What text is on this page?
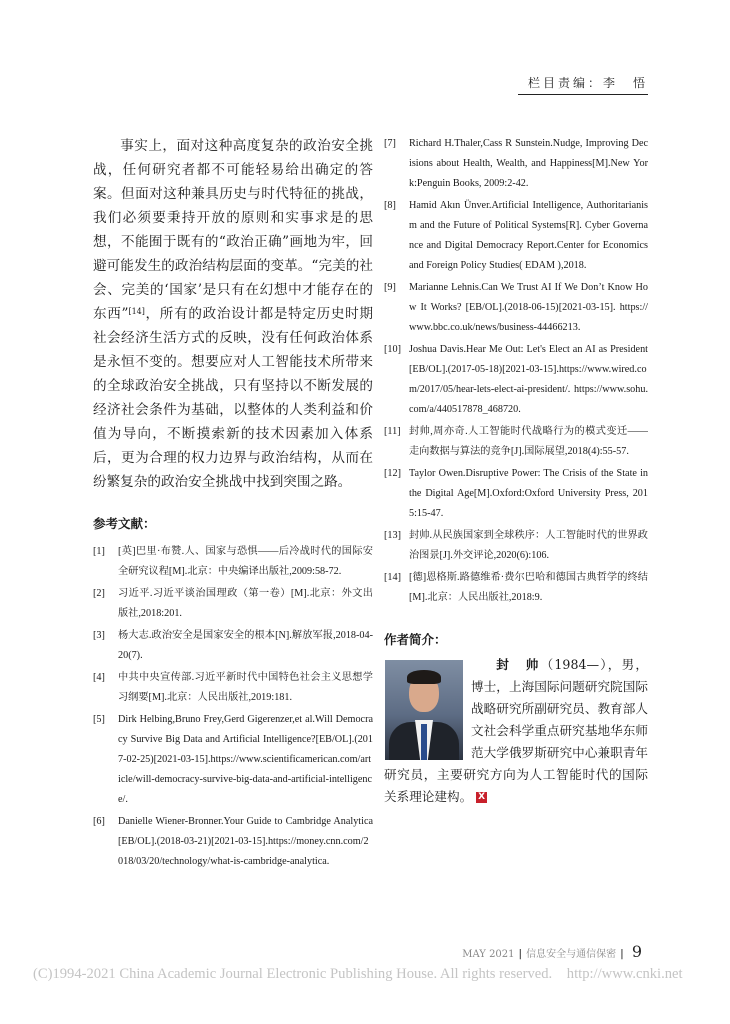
栏目责编：李　悟

事实上，面对这种高度复杂的政治安全挑战，任何研究者都不可能轻易给出确定的答案。但面对这种兼具历史与时代特征的挑战，我们必须要秉持开放的原则和实事求是的思想，不能囿于既有的“政治正确”画地为牢，回避可能发生的政治结构层面的变革。“完美的社会、完美的‘国家’是只有在幻想中才能存在的东西”[14]，所有的政治设计都是特定历史时期社会经济生活方式的反映，没有任何政治体系是永恒不变的。想要应对人工智能技术所带来的全球政治安全挑战，只有坚持以不断发展的经济社会条件为基础，以整体的人类利益和价值为导向，不断摸索新的技术因素加入体系后，更为合理的权力边界与政治结构，从而在纷繁复杂的政治安全挑战中找到突围之路。

参考文献：
[1]	[英]巴里·布赞.人、国家与恐惧——后冷战时代的国际安全研究议程[M].北京：中央编译出版社,2009:58-72.
[2]	习近平.习近平谈治国理政（第一卷）[M].北京：外文出版社,2018:201.
[3]	杨大志.政治安全是国家安全的根本[N].解放军报,2018-04-20(7).
[4]	中共中央宣传部.习近平新时代中国特色社会主义思想学习纲要[M].北京：人民出版社,2019:181.
[5]	Dirk Helbing,Bruno Frey,Gerd Gigerenzer,et al.Will Democracy Survive Big Data and Artificial Intelligence?[EB/OL].(2017-02-25)[2021-03-15].https://www.scientificamerican.com/article/will-democracy-survive-big-data-and-artificial-intelligence/.
[6]	Danielle Wiener-Bronner.Your Guide to Cambridge Analytica [EB/OL].(2018-03-21)[2021-03-15].https://money.cnn.com/2018/03/20/technology/what-is-cambridge-analytica.
[7]	Richard H.Thaler,Cass R Sunstein.Nudge, Improving Decisions about Health, Wealth, and Happiness[M].New York:Penguin Books, 2009:2-42.
[8]	Hamid Akın Ünver.Artificial Intelligence, Authoritarianism and the Future of Political Systems[R]. Cyber Governance and Digital Democracy Report.Center for Economics and Foreign Policy Studies( EDAM ),2018.
[9]	Marianne Lehnis.Can We Trust AI If We Don’t Know How It Works? [EB/OL].(2018-06-15)[2021-03-15]. https://www.bbc.co.uk/news/business-44466213.
[10] Joshua Davis.Hear Me Out: Let's Elect an AI as President[EB/OL].(2017-05-18)[2021-03-15].https://www.wired.com/2017/05/hear-lets-elect-ai-president/. https://www.sohu.com/a/440517878_468720.
[11] 封帅,周亦奇.人工智能时代战略行为的模式变迁——走向数据与算法的竞争[J].国际展望,2018(4):55-57.
[12] Taylor Owen.Disruptive Power: The Crisis of the State in the Digital Age[M].Oxford:Oxford University Press, 2015:15-47.
[13] 封帅.从民族国家到全球秩序：人工智能时代的世界政治图景[J].外交评论,2020(6):106.
[14] [德]恩格斯.路德维希·费尔巴哈和德国古典哲学的终结[M].北京：人民出版社,2018:9.
作者简介：
封　帅（1984—），男，博士，上海国际问题研究院国际战略研究所副研究员、教育部人文社会科学重点研究基地华东师范大学俄罗斯研究中心兼职青年研究员，主要研究方向为人工智能时代的国际关系理论建构。 X
MAY 2021 | 信息安全与通信保密 | 9
(C)1994-2021 China Academic Journal Electronic Publishing House. All rights reserved.    http://www.cnki.net
